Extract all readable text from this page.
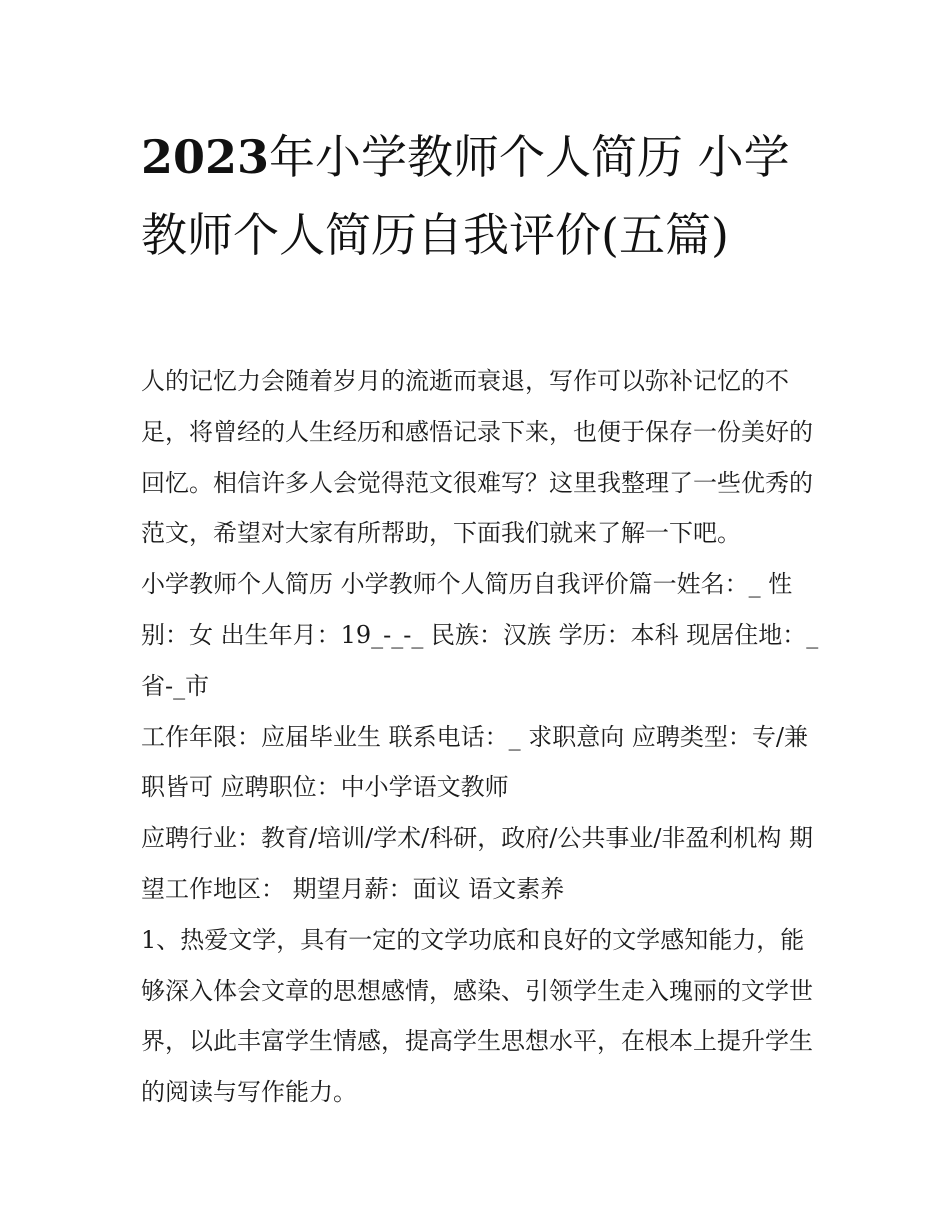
2023年小学教师个人简历 小学教师个人简历自我评价(五篇)

人的记忆力会随着岁月的流逝而衰退，写作可以弥补记忆的不足，将曾经的人生经历和感悟记录下来，也便于保存一份美好的回忆。相信许多人会觉得范文很难写？这里我整理了一些优秀的范文，希望对大家有所帮助，下面我们就来了解一下吧。

小学教师个人简历 小学教师个人简历自我评价篇一姓名：_ 性别：女 出生年月：19_-_-_ 民族：汉族 学历：本科 现居住地：_省-_市

工作年限：应届毕业生 联系电话：_ 求职意向 应聘类型：专/兼职皆可 应聘职位：中小学语文教师

应聘行业：教育/培训/学术/科研，政府/公共事业/非盈利机构 期望工作地区： 期望月薪：面议 语文素养

1、热爱文学，具有一定的文学功底和良好的文学感知能力，能够深入体会文章的思想感情，感染、引领学生走入瑰丽的文学世界，以此丰富学生情感，提高学生思想水平，在根本上提升学生的阅读与写作能力。
